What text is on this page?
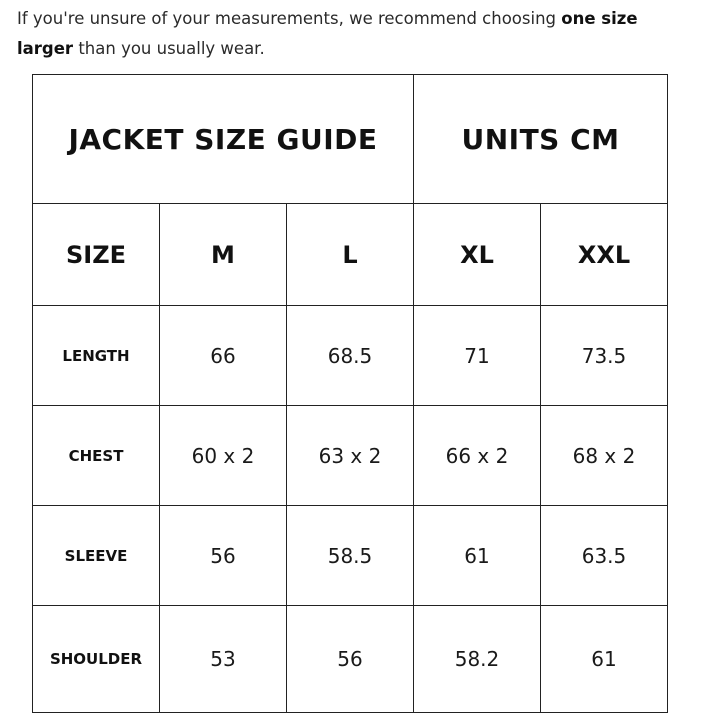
If you're unsure of your measurements, we recommend choosing one size larger than you usually wear.

JACKET SIZE GUIDE			UNITS CM	
SIZE	M	L	XL	XXL
LENGTH	66	68.5	71	73.5
CHEST	60 x 2	63 x 2	66 x 2	68 x 2
SLEEVE	56	58.5	61	63.5
SHOULDER	53	56	58.2	61
